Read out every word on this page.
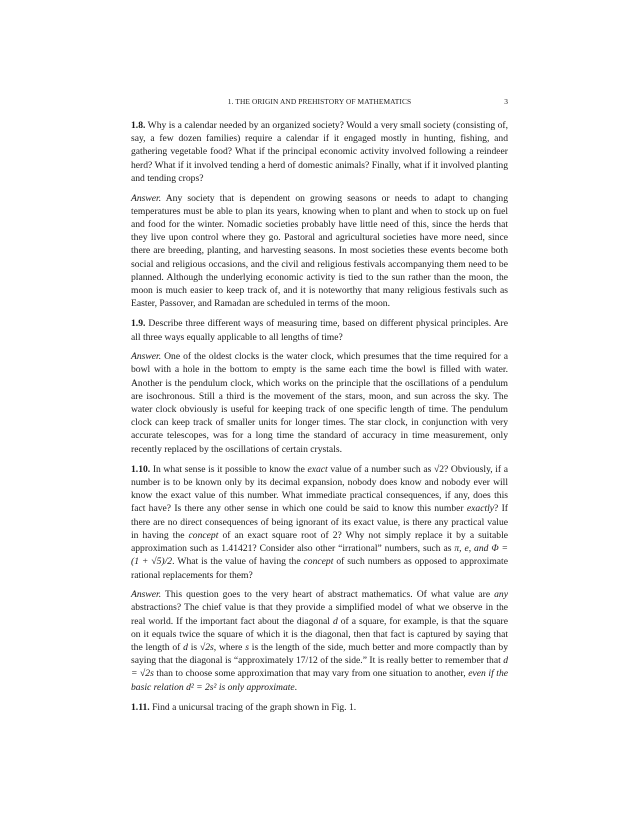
1. THE ORIGIN AND PREHISTORY OF MATHEMATICS	3

1.8. Why is a calendar needed by an organized society? Would a very small society (consisting of, say, a few dozen families) require a calendar if it engaged mostly in hunting, fishing, and gathering vegetable food? What if the principal economic activity involved following a reindeer herd? What if it involved tending a herd of domestic animals? Finally, what if it involved planting and tending crops?

Answer. Any society that is dependent on growing seasons or needs to adapt to changing temperatures must be able to plan its years, knowing when to plant and when to stock up on fuel and food for the winter. Nomadic societies probably have little need of this, since the herds that they live upon control where they go. Pastoral and agricultural societies have more need, since there are breeding, planting, and harvesting seasons. In most societies these events become both social and religious occasions, and the civil and religious festivals accompanying them need to be planned. Although the underlying economic activity is tied to the sun rather than the moon, the moon is much easier to keep track of, and it is noteworthy that many religious festivals such as Easter, Passover, and Ramadan are scheduled in terms of the moon.

1.9. Describe three different ways of measuring time, based on different physical principles. Are all three ways equally applicable to all lengths of time?

Answer. One of the oldest clocks is the water clock, which presumes that the time required for a bowl with a hole in the bottom to empty is the same each time the bowl is filled with water. Another is the pendulum clock, which works on the principle that the oscillations of a pendulum are isochronous. Still a third is the movement of the stars, moon, and sun across the sky. The water clock obviously is useful for keeping track of one specific length of time. The pendulum clock can keep track of smaller units for longer times. The star clock, in conjunction with very accurate telescopes, was for a long time the standard of accuracy in time measurement, only recently replaced by the oscillations of certain crystals.

1.10. In what sense is it possible to know the exact value of a number such as √2? Obviously, if a number is to be known only by its decimal expansion, nobody does know and nobody ever will know the exact value of this number. What immediate practical consequences, if any, does this fact have? Is there any other sense in which one could be said to know this number exactly? If there are no direct consequences of being ignorant of its exact value, is there any practical value in having the concept of an exact square root of 2? Why not simply replace it by a suitable approximation such as 1.41421? Consider also other “irrational” numbers, such as π, e, and Φ = (1 + √5)/2. What is the value of having the concept of such numbers as opposed to approximate rational replacements for them?

Answer. This question goes to the very heart of abstract mathematics. Of what value are any abstractions? The chief value is that they provide a simplified model of what we observe in the real world. If the important fact about the diagonal d of a square, for example, is that the square on it equals twice the square of which it is the diagonal, then that fact is captured by saying that the length of d is √2s, where s is the length of the side, much better and more compactly than by saying that the diagonal is “approximately 17/12 of the side.” It is really better to remember that d = √2s than to choose some approximation that may vary from one situation to another, even if the basic relation d² = 2s² is only approximate.

1.11. Find a unicursal tracing of the graph shown in Fig. 1.
